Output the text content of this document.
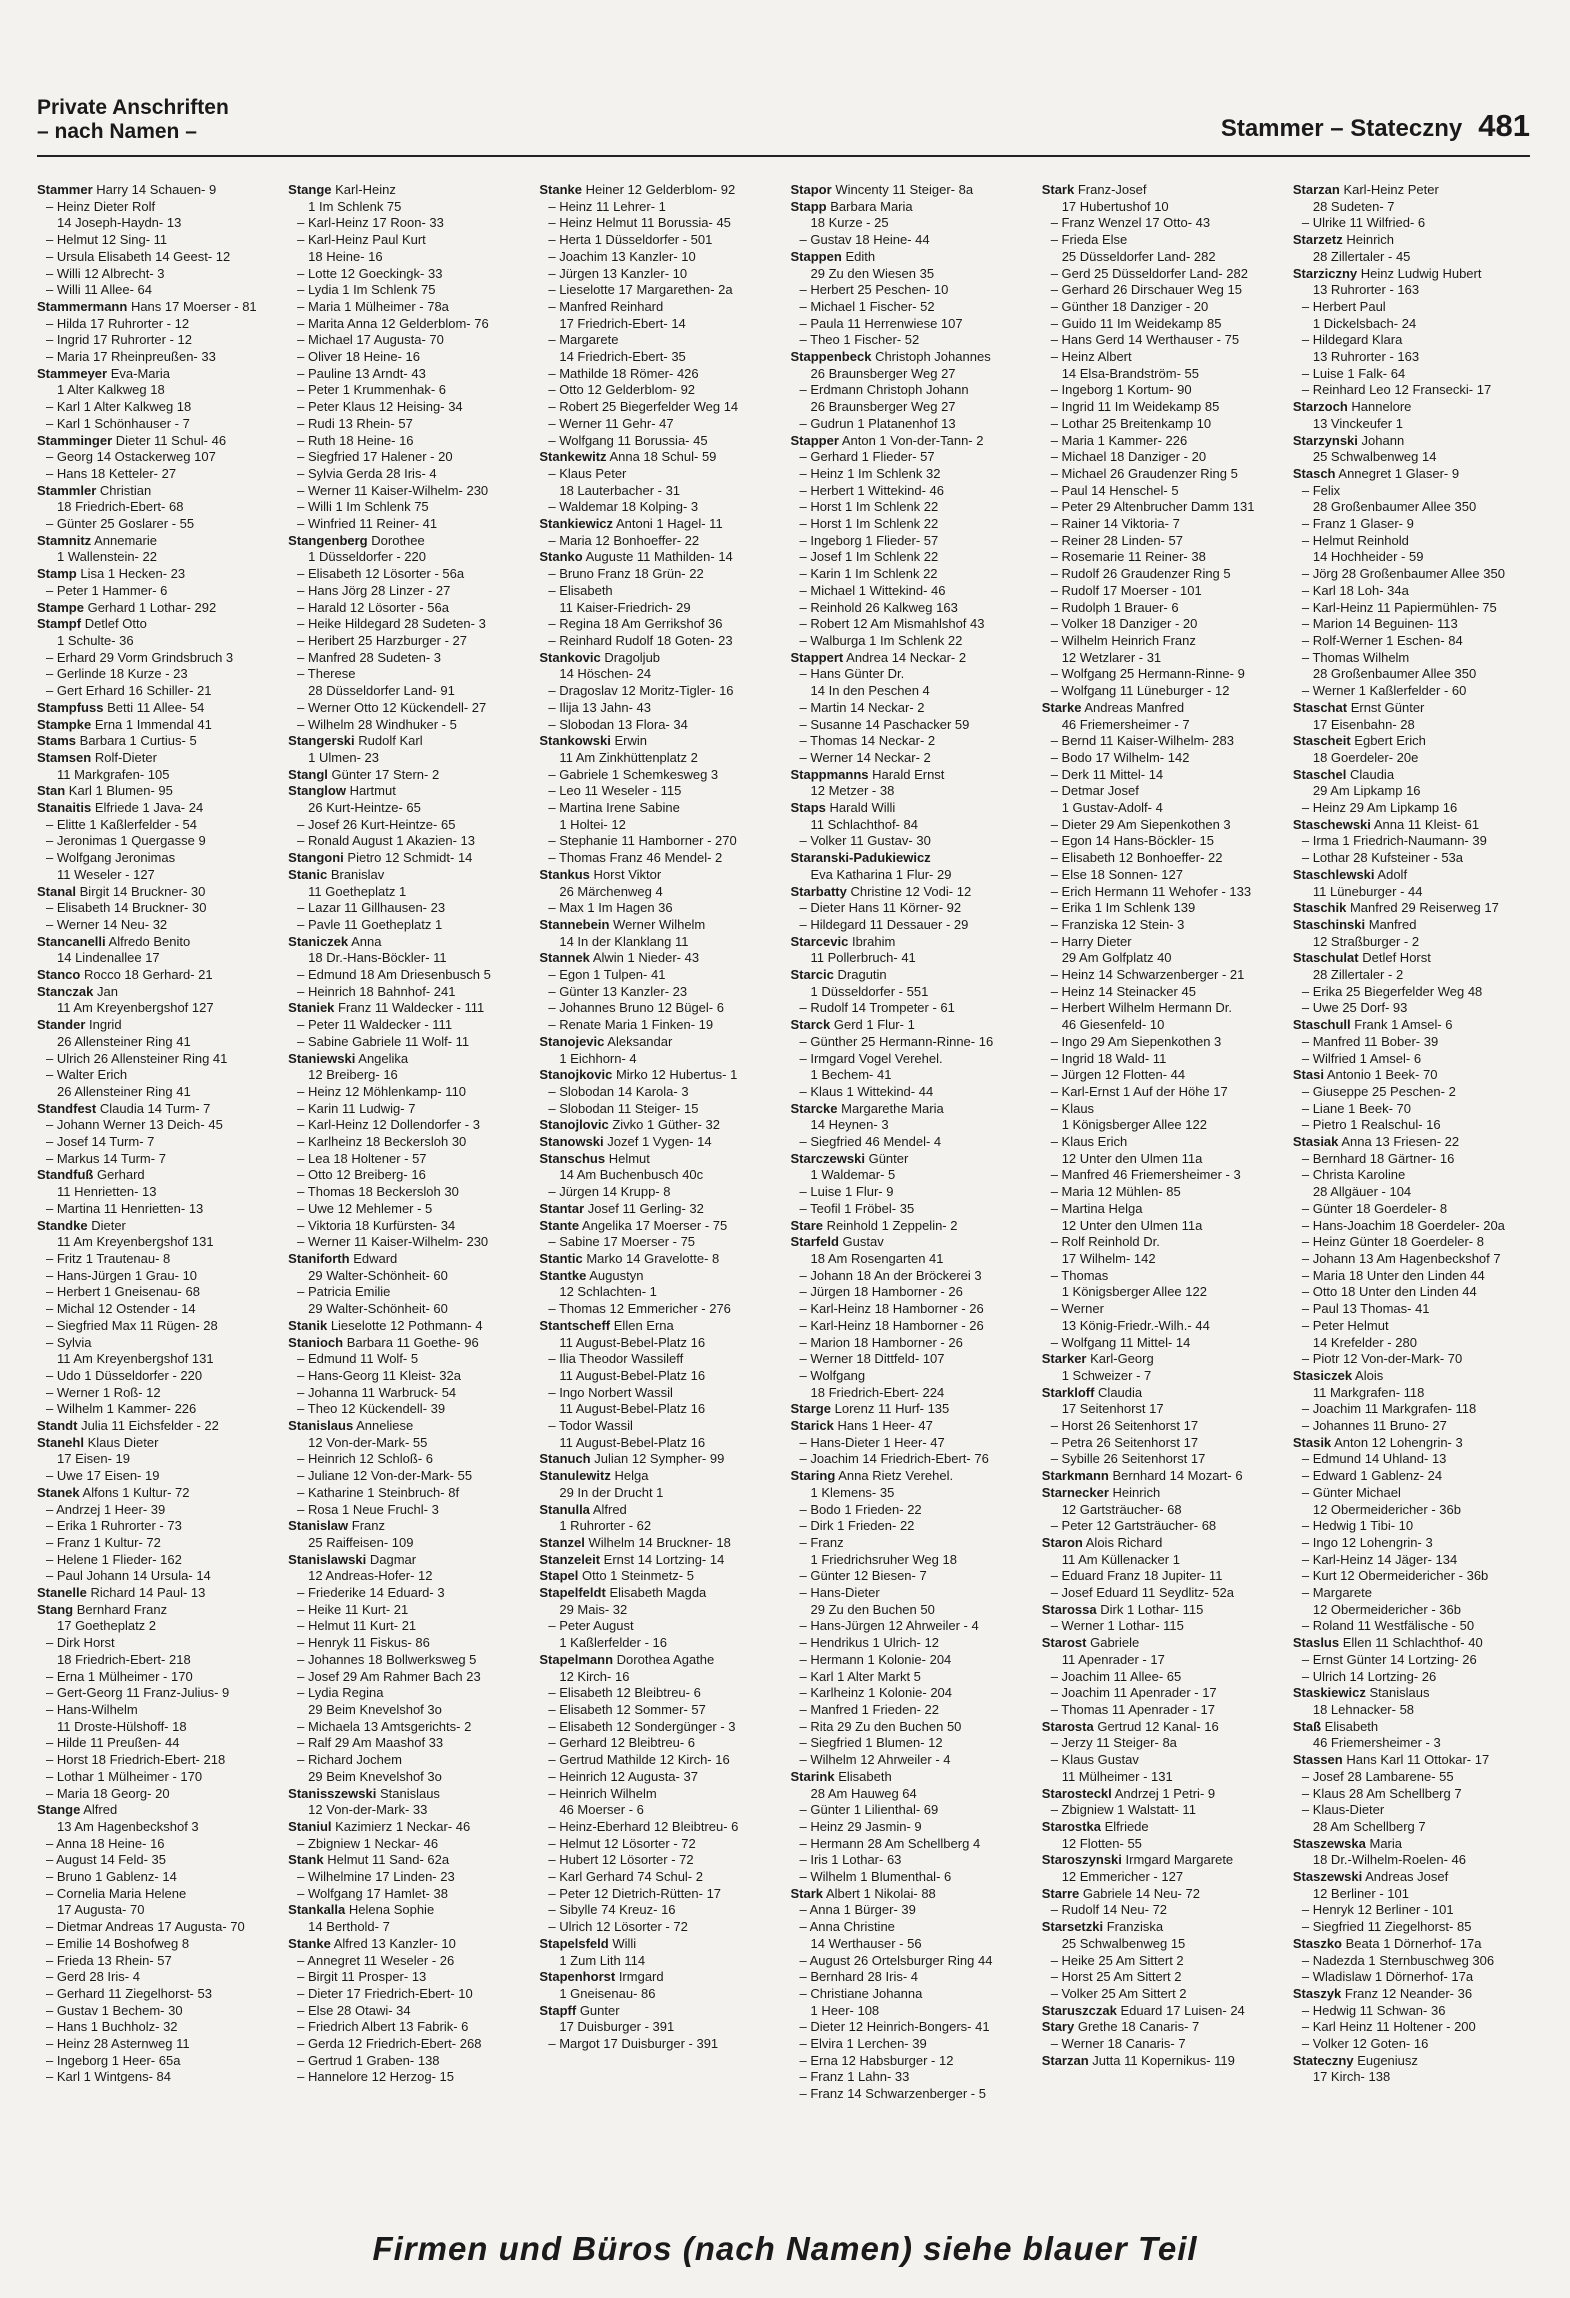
Private Anschriften
– nach Namen –	Stammer – Stateczny 481
Stammer Harry 14 Schauen- 9
– Heinz Dieter Rolf
14 Joseph-Haydn- 13
– Helmut 12 Sing- 11
– Ursula Elisabeth 14 Geest- 12
– Willi 12 Albrecht- 3
– Willi 11 Allee- 64
Stammermann Hans 17 Moerser - 81
– Hilda 17 Ruhrorter - 12
– Ingrid 17 Ruhrorter - 12
– Maria 17 Rheinpreußen- 33
Stammeyer Eva-Maria
1 Alter Kalkweg 18
– Karl 1 Alter Kalkweg 18
– Karl 1 Schönhauser - 7
Stamminger Dieter 11 Schul- 46
– Georg 14 Ostackerweg 107
– Hans 18 Ketteler- 27
Stammler Christian
18 Friedrich-Ebert- 68
– Günter 25 Goslarer - 55
Stamnitz Annemarie
1 Wallenstein- 22
Stamp Lisa 1 Hecken- 23
– Peter 1 Hammer- 6
Stampe Gerhard 1 Lothar- 292
Stampf Detlef Otto
1 Schulte- 36
– Erhard 29 Vorm Grindsbruch 3
– Gerlinde 18 Kurze - 23
– Gert Erhard 16 Schiller- 21
Stampfuss Betti 11 Allee- 54
Stampke Erna 1 Immendal 41
Stams Barbara 1 Curtius- 5
Stamsen Rolf-Dieter
11 Markgrafen- 105
Stan Karl 1 Blumen- 95
Stanaitis Elfriede 1 Java- 24
– Elitte 1 Kaßlerfelder - 54
– Jeronimas 1 Quergasse 9
– Wolfgang Jeronimas
11 Weseler - 127
Stanal Birgit 14 Bruckner- 30
– Elisabeth 14 Bruckner- 30
– Werner 14 Neu- 32
Stancanelli Alfredo Benito
14 Lindenallee 17
Stanco Rocco 18 Gerhard- 21
Stanczak Jan
11 Am Kreyenbergshof 127
Stander Ingrid
26 Allensteiner Ring 41
– Ulrich 26 Allensteiner Ring 41
– Walter Erich
26 Allensteiner Ring 41
Standfest Claudia 14 Turm- 7
– Johann Werner 13 Deich- 45
– Josef 14 Turm- 7
– Markus 14 Turm- 7
Standfuß Gerhard
11 Henrietten- 13
– Martina 11 Henrietten- 13
Standke Dieter
11 Am Kreyenbergshof 131
– Fritz 1 Trautenau- 8
– Hans-Jürgen 1 Grau- 10
– Herbert 1 Gneisenau- 68
– Michal 12 Ostender - 14
– Siegfried Max 11 Rügen- 28
– Sylvia
11 Am Kreyenbergshof 131
– Udo 1 Düsseldorfer - 220
– Werner 1 Roß- 12
– Wilhelm 1 Kammer- 226
Standt Julia 11 Eichsfelder - 22
Stanehl Klaus Dieter
17 Eisen- 19
– Uwe 17 Eisen- 19
Stanek Alfons 1 Kultur- 72
– Andrzej 1 Heer- 39
– Erika 1 Ruhrorter - 73
– Franz 1 Kultur- 72
– Helene 1 Flieder- 162
– Paul Johann 14 Ursula- 14
Stanelle Richard 14 Paul- 13
Stang Bernhard Franz
17 Goetheplatz 2
– Dirk Horst
18 Friedrich-Ebert- 218
– Erna 1 Mülheimer - 170
– Gert-Georg 11 Franz-Julius- 9
– Hans-Wilhelm
11 Droste-Hülshoff- 18
– Hilde 11 Preußen- 44
– Horst 18 Friedrich-Ebert- 218
– Lothar 1 Mülheimer - 170
– Maria 18 Georg- 20
Stange Alfred
13 Am Hagenbeckshof 3
– Anna 18 Heine- 16
– August 14 Feld- 35
– Bruno 1 Gablenz- 14
– Cornelia Maria Helene
17 Augusta- 70
– Dietmar Andreas 17 Augusta- 70
– Emilie 14 Boshofweg 8
– Frieda 13 Rhein- 57
– Gerd 28 Iris- 4
– Gerhard 11 Ziegelhorst- 53
– Gustav 1 Bechem- 30
– Hans 1 Buchholz- 32
– Heinz 28 Asternweg 11
– Ingeborg 1 Heer- 65a
– Karl 1 Wintgens- 84
Stange Karl-Heinz
1 Im Schlenk 75
– Karl-Heinz 17 Roon- 33
– Karl-Heinz Paul Kurt
18 Heine- 16
– Lotte 12 Goeckingk- 33
– Lydia 1 Im Schlenk 75
– Maria 1 Mülheimer - 78a
– Marita Anna 12 Gelderblom- 76
– Michael 17 Augusta- 70
– Oliver 18 Heine- 16
– Pauline 13 Arndt- 43
– Peter 1 Krummenhak- 6
– Peter Klaus 12 Heising- 34
– Rudi 13 Rhein- 57
– Ruth 18 Heine- 16
– Siegfried 17 Halener - 20
– Sylvia Gerda 28 Iris- 4
– Werner 11 Kaiser-Wilhelm- 230
– Willi 1 Im Schlenk 75
– Winfried 11 Reiner- 41
Stangenberg Dorothee
1 Düsseldorfer - 220
– Elisabeth 12 Lösorter - 56a
– Hans Jörg 28 Linzer - 27
– Harald 12 Lösorter - 56a
– Heike Hildegard 28 Sudeten- 3
– Heribert 25 Harzburger - 27
– Manfred 28 Sudeten- 3
– Therese
28 Düsseldorfer Land- 91
– Werner Otto 12 Kückendell- 27
– Wilhelm 28 Windhuker - 5
Stangerski Rudolf Karl
1 Ulmen- 23
Stangl Günter 17 Stern- 2
Stanglow Hartmut
26 Kurt-Heintze- 65
– Josef 26 Kurt-Heintze- 65
– Ronald August 1 Akazien- 13
Stangoni Pietro 12 Schmidt- 14
Stanic Branislav
11 Goetheplatz 1
– Lazar 11 Gillhausen- 23
– Pavle 11 Goetheplatz 1
Staniczek Anna
18 Dr.-Hans-Böckler- 11
– Edmund 18 Am Driesenbusch 5
– Heinrich 18 Bahnhof- 241
Staniek Franz 11 Waldecker - 111
– Peter 11 Waldecker - 111
– Sabine Gabriele 11 Wolf- 11
Staniewski Angelika
12 Breiberg- 16
– Heinz 12 Möhlenkamp- 110
– Karin 11 Ludwig- 7
– Karl-Heinz 12 Dollendorfer - 3
– Karlheinz 18 Beckersloh 30
– Lea 18 Holtener - 57
– Otto 12 Breiberg- 16
– Thomas 18 Beckersloh 30
– Uwe 12 Mehlemer - 5
– Viktoria 18 Kurfürsten- 34
– Werner 11 Kaiser-Wilhelm- 230
Staniforth Edward
29 Walter-Schönheit- 60
– Patricia Emilie
29 Walter-Schönheit- 60
Stanik Lieselotte 12 Pothmann- 4
Stanioch Barbara 11 Goethe- 96
– Edmund 11 Wolf- 5
– Hans-Georg 11 Kleist- 32a
– Johanna 11 Warbruck- 54
– Theo 12 Kückendell- 39
Stanislaus Anneliese
12 Von-der-Mark- 55
– Heinrich 12 Schloß- 6
– Juliane 12 Von-der-Mark- 55
– Katharine 1 Steinbruch- 8f
– Rosa 1 Neue Fruchl- 3
Stanislaw Franz
25 Raiffeisen- 109
Stanislawski Dagmar
12 Andreas-Hofer- 12
– Friederike 14 Eduard- 3
– Heike 11 Kurt- 21
– Helmut 11 Kurt- 21
– Henryk 11 Fiskus- 86
– Johannes 18 Bollwerksweg 5
– Josef 29 Am Rahmer Bach 23
– Lydia Regina
29 Beim Knevelshof 3o
– Michaela 13 Amtsgerichts- 2
– Ralf 29 Am Maashof 33
– Richard Jochem
29 Beim Knevelshof 3o
Stanisszewski Stanislaus
12 Von-der-Mark- 33
Staniul Kazimierz 1 Neckar- 46
– Zbigniew 1 Neckar- 46
Stank Helmut 11 Sand- 62a
– Wilhelmine 17 Linden- 23
– Wolfgang 17 Hamlet- 38
Stankalla Helena Sophie
14 Berthold- 7
Stanke Alfred 13 Kanzler- 10
– Annegret 11 Weseler - 26
– Birgit 11 Prosper- 13
– Dieter 17 Friedrich-Ebert- 10
– Else 28 Otawi- 34
– Friedrich Albert 13 Fabrik- 6
– Gerda 12 Friedrich-Ebert- 268
– Gertrud 1 Graben- 138
– Hannelore 12 Herzog- 15
Stanke Heiner 12 Gelderblom- 92
– Heinz 11 Lehrer- 1
– Heinz Helmut 11 Borussia- 45
– Herta 1 Düsseldorfer - 501
– Joachim 13 Kanzler- 10
– Jürgen 13 Kanzler- 10
– Lieselotte 17 Margarethen- 2a
– Manfred Reinhard
17 Friedrich-Ebert- 14
– Margarete
14 Friedrich-Ebert- 35
– Mathilde 18 Römer- 426
– Otto 12 Gelderblom- 92
– Robert 25 Biegerfelder Weg 14
– Werner 11 Gehr- 47
– Wolfgang 11 Borussia- 45
Stankewitz Anna 18 Schul- 59
– Klaus Peter
18 Lauterbacher - 31
– Waldemar 18 Kolping- 3
Stankiewicz Antoni 1 Hagel- 11
– Maria 12 Bonhoeffer- 22
Stanko Auguste 11 Mathilden- 14
– Bruno Franz 18 Grün- 22
– Elisabeth
11 Kaiser-Friedrich- 29
– Regina 18 Am Gerrikshof 36
– Reinhard Rudolf 18 Goten- 23
Stankovic Dragoljub
14 Höschen- 24
– Dragoslav 12 Moritz-Tigler- 16
– Ilija 13 Jahn- 43
– Slobodan 13 Flora- 34
Stankowski Erwin
11 Am Zinkhüttenplatz 2
– Gabriele 1 Schemkesweg 3
– Leo 11 Weseler - 115
– Martina Irene Sabine
1 Holtei- 12
– Stephanie 11 Hamborner - 270
– Thomas Franz 46 Mendel- 2
Stankus Horst Viktor
26 Märchenweg 4
– Max 1 Im Hagen 36
Stannebein Werner Wilhelm
14 In der Klanklang 11
Stannek Alwin 1 Nieder- 43
– Egon 1 Tulpen- 41
– Günter 13 Kanzler- 23
– Johannes Bruno 12 Bügel- 6
– Renate Maria 1 Finken- 19
Stanojevic Aleksandar
1 Eichhorn- 4
Stanojkovic Mirko 12 Hubertus- 1
– Slobodan 14 Karola- 3
– Slobodan 11 Steiger- 15
Stanojlovic Zivko 1 Güther- 32
Stanowski Jozef 1 Vygen- 14
Stanschus Helmut
14 Am Buchenbusch 40c
– Jürgen 14 Krupp- 8
Stantar Josef 11 Gerling- 32
Stante Angelika 17 Moerser - 75
– Sabine 17 Moerser - 75
Stantic Marko 14 Gravelotte- 8
Stantke Augustyn
12 Schlachten- 1
– Thomas 12 Emmericher - 276
Stantscheff Ellen Erna
11 August-Bebel-Platz 16
– Ilia Theodor Wassileff
11 August-Bebel-Platz 16
– Ingo Norbert Wassil
11 August-Bebel-Platz 16
– Todor Wassil
11 August-Bebel-Platz 16
Stanuch Julian 12 Sympher- 99
Stanulewitz Helga
29 In der Drucht 1
Stanulla Alfred
1 Ruhrorter - 62
Stanzel Wilhelm 14 Bruckner- 18
Stanzeleit Ernst 14 Lortzing- 14
Stapel Otto 1 Steinmetz- 5
Stapelfeldt Elisabeth Magda
29 Mais- 32
– Peter August
1 Kaßlerfelder - 16
Stapelmann Dorothea Agathe
12 Kirch- 16
– Elisabeth 12 Bleibtreu- 6
– Elisabeth 12 Sommer- 57
– Elisabeth 12 Sondergünger - 3
– Gerhard 12 Bleibtreu- 6
– Gertrud Mathilde 12 Kirch- 16
– Heinrich 12 Augusta- 37
– Heinrich Wilhelm
46 Moerser - 6
– Heinz-Eberhard 12 Bleibtreu- 6
– Helmut 12 Lösorter - 72
– Hubert 12 Lösorter - 72
– Karl Gerhard 74 Schul- 2
– Peter 12 Dietrich-Rütten- 17
– Sibylle 74 Kreuz- 16
– Ulrich 12 Lösorter - 72
Stapelsfeld Willi
1 Zum Lith 114
Stapenhorst Irmgard
1 Gneisenau- 86
Stapff Gunter
17 Duisburger - 391
– Margot 17 Duisburger - 391
Stapor Wincenty 11 Steiger- 8a
Stapp Barbara Maria
18 Kurze - 25
– Gustav 18 Heine- 44
Stappen Edith
29 Zu den Wiesen 35
– Herbert 25 Peschen- 10
– Michael 1 Fischer- 52
– Paula 11 Herrenwiese 107
– Theo 1 Fischer- 52
Stappenbeck Christoph Johannes
26 Braunsberger Weg 27
– Erdmann Christoph Johann
26 Braunsberger Weg 27
– Gudrun 1 Platanenhof 13
Stapper Anton 1 Von-der-Tann- 2
– Gerhard 1 Flieder- 57
– Heinz 1 Im Schlenk 32
– Herbert 1 Wittekind- 46
– Horst 1 Im Schlenk 22
– Horst 1 Im Schlenk 22
– Ingeborg 1 Flieder- 57
– Josef 1 Im Schlenk 22
– Karin 1 Im Schlenk 22
– Michael 1 Wittekind- 46
– Reinhold 26 Kalkweg 163
– Robert 12 Am Mismahlshof 43
– Walburga 1 Im Schlenk 22
Stappert Andrea 14 Neckar- 2
– Hans Günter Dr.
14 In den Peschen 4
– Martin 14 Neckar- 2
– Susanne 14 Paschacker 59
– Thomas 14 Neckar- 2
– Werner 14 Neckar- 2
Stappmanns Harald Ernst
12 Metzer - 38
Staps Harald Willi
11 Schlachthof- 84
– Volker 11 Gustav- 30
Staranski-Padukiewicz
Eva Katharina 1 Flur- 29
Starbatty Christine 12 Vodi- 12
– Dieter Hans 11 Körner- 92
– Hildegard 11 Dessauer - 29
Starcevic Ibrahim
11 Pollerbruch- 41
Starcic Dragutin
1 Düsseldorfer - 551
– Rudolf 14 Trompeter - 61
Starck Gerd 1 Flur- 1
– Günther 25 Hermann-Rinne- 16
– Irmgard Vogel Verehel.
1 Bechem- 41
– Klaus 1 Wittekind- 44
Starcke Margarethe Maria
14 Heynen- 3
– Siegfried 46 Mendel- 4
Starczewski Günter
1 Waldemar- 5
– Luise 1 Flur- 9
– Teofil 1 Fröbel- 35
Stare Reinhold 1 Zeppelin- 2
Starfeld Gustav
18 Am Rosengarten 41
– Johann 18 An der Bröckerei 3
– Jürgen 18 Hamborner - 26
– Karl-Heinz 18 Hamborner - 26
– Karl-Heinz 18 Hamborner - 26
– Marion 18 Hamborner - 26
– Werner 18 Dittfeld- 107
– Wolfgang
18 Friedrich-Ebert- 224
Starge Lorenz 11 Hurf- 135
Starick Hans 1 Heer- 47
– Hans-Dieter 1 Heer- 47
– Joachim 14 Friedrich-Ebert- 76
Staring Anna Rietz Verehel.
1 Klemens- 35
– Bodo 1 Frieden- 22
– Dirk 1 Frieden- 22
– Franz
1 Friedrichsruher Weg 18
– Günter 12 Biesen- 7
– Hans-Dieter
29 Zu den Buchen 50
– Hans-Jürgen 12 Ahrweiler - 4
– Hendrikus 1 Ulrich- 12
– Hermann 1 Kolonie- 204
– Karl 1 Alter Markt 5
– Karlheinz 1 Kolonie- 204
– Manfred 1 Frieden- 22
– Rita 29 Zu den Buchen 50
– Siegfried 1 Blumen- 12
– Wilhelm 12 Ahrweiler - 4
Starink Elisabeth
28 Am Hauweg 64
– Günter 1 Lilienthal- 69
– Heinz 29 Jasmin- 9
– Hermann 28 Am Schellberg 4
– Iris 1 Lothar- 63
– Wilhelm 1 Blumenthal- 6
Stark Albert 1 Nikolai- 88
– Anna 1 Bürger- 39
– Anna Christine
14 Werthauser - 56
– August 26 Ortelsburger Ring 44
– Bernhard 28 Iris- 4
– Christiane Johanna
1 Heer- 108
– Dieter 12 Heinrich-Bongers- 41
– Elvira 1 Lerchen- 39
– Erna 12 Habsburger - 12
– Franz 1 Lahn- 33
– Franz 14 Schwarzenberger - 5
Stark Franz-Josef
17 Hubertushof 10
– Franz Wenzel 17 Otto- 43
– Frieda Else
25 Düsseldorfer Land- 282
– Gerd 25 Düsseldorfer Land- 282
– Gerhard 26 Dirschauer Weg 15
– Günther 18 Danziger - 20
– Guido 11 Im Weidekamp 85
– Hans Gerd 14 Werthauser - 75
– Heinz Albert
14 Elsa-Brandström- 55
– Ingeborg 1 Kortum- 90
– Ingrid 11 Im Weidekamp 85
– Lothar 25 Breitenkamp 10
– Maria 1 Kammer- 226
– Michael 18 Danziger - 20
– Michael 26 Graudenzer Ring 5
– Paul 14 Henschel- 5
– Peter 29 Altenbrucher Damm 131
– Rainer 14 Viktoria- 7
– Reiner 28 Linden- 57
– Rosemarie 11 Reiner- 38
– Rudolf 26 Graudenzer Ring 5
– Rudolf 17 Moerser - 101
– Rudolph 1 Brauer- 6
– Volker 18 Danziger - 20
– Wilhelm Heinrich Franz
12 Wetzlarer - 31
– Wolfgang 25 Hermann-Rinne- 9
– Wolfgang 11 Lüneburger - 12
Starke Andreas Manfred
46 Friemersheimer - 7
– Bernd 11 Kaiser-Wilhelm- 283
– Bodo 17 Wilhelm- 142
– Derk 11 Mittel- 14
– Detmar Josef
1 Gustav-Adolf- 4
– Dieter 29 Am Siepenkothen 3
– Egon 14 Hans-Böckler- 15
– Elisabeth 12 Bonhoeffer- 22
– Else 18 Sonnen- 127
– Erich Hermann 11 Wehofer - 133
– Erika 1 Im Schlenk 139
– Franziska 12 Stein- 3
– Harry Dieter
29 Am Golfplatz 40
– Heinz 14 Schwarzenberger - 21
– Heinz 14 Steinacker 45
– Herbert Wilhelm Hermann Dr.
46 Giesenfeld- 10
– Ingo 29 Am Siepenkothen 3
– Ingrid 18 Wald- 11
– Jürgen 12 Flotten- 44
– Karl-Ernst 1 Auf der Höhe 17
– Klaus
1 Königsberger Allee 122
– Klaus Erich
12 Unter den Ulmen 11a
– Manfred 46 Friemersheimer - 3
– Maria 12 Mühlen- 85
– Martina Helga
12 Unter den Ulmen 11a
– Rolf Reinhold Dr.
17 Wilhelm- 142
– Thomas
1 Königsberger Allee 122
– Werner
13 König-Friedr.-Wilh.- 44
– Wolfgang 11 Mittel- 14
Starker Karl-Georg
1 Schweizer - 7
Starkloff Claudia
17 Seitenhorst 17
– Horst 26 Seitenhorst 17
– Petra 26 Seitenhorst 17
– Sybille 26 Seitenhorst 17
Starkmann Bernhard 14 Mozart- 6
Starnecker Heinrich
12 Gartsträucher- 68
– Peter 12 Gartsträucher- 68
Staron Alois Richard
11 Am Küllenacker 1
– Eduard Franz 18 Jupiter- 11
– Josef Eduard 11 Seydlitz- 52a
Starossa Dirk 1 Lothar- 115
– Werner 1 Lothar- 115
Starost Gabriele
11 Apenrader - 17
– Joachim 11 Allee- 65
– Joachim 11 Apenrader - 17
– Thomas 11 Apenrader - 17
Starosta Gertrud 12 Kanal- 16
– Jerzy 11 Steiger- 8a
– Klaus Gustav
11 Mülheimer - 131
Starosteckl Andrzej 1 Petri- 9
– Zbigniew 1 Walstatt- 11
Starostka Elfriede
12 Flotten- 55
Staroszynski Irmgard Margarete
12 Emmericher - 127
Starre Gabriele 14 Neu- 72
– Rudolf 14 Neu- 72
Starsetzki Franziska
25 Schwalbenweg 15
– Heike 25 Am Sittert 2
– Horst 25 Am Sittert 2
– Volker 25 Am Sittert 2
Staruszczak Eduard 17 Luisen- 24
Stary Grethe 18 Canaris- 7
– Werner 18 Canaris- 7
Starzan Jutta 11 Kopernikus- 119
Starzan Karl-Heinz Peter
28 Sudeten- 7
– Ulrike 11 Wilfried- 6
Starzetz Heinrich
28 Zillertaler - 45
Starziczny Heinz Ludwig Hubert
13 Ruhrorter - 163
– Herbert Paul
1 Dickelsbach- 24
– Hildegard Klara
13 Ruhrorter - 163
– Luise 1 Falk- 64
– Reinhard Leo 12 Fransecki- 17
Starzoch Hannelore
13 Vinckeufer 1
Starzynski Johann
25 Schwalbenweg 14
Stasch Annegret 1 Glaser- 9
– Felix
28 Großenbaumer Allee 350
– Franz 1 Glaser- 9
– Helmut Reinhold
14 Hochheider - 59
– Jörg 28 Großenbaumer Allee 350
– Karl 18 Loh- 34a
– Karl-Heinz 11 Papiermühlen- 75
– Marion 14 Beguinen- 113
– Rolf-Werner 1 Eschen- 84
– Thomas Wilhelm
28 Großenbaumer Allee 350
– Werner 1 Kaßlerfelder - 60
Staschat Ernst Günter
17 Eisenbahn- 28
Stascheit Egbert Erich
18 Goerdeler- 20e
Staschel Claudia
29 Am Lipkamp 16
– Heinz 29 Am Lipkamp 16
Staschewski Anna 11 Kleist- 61
– Irma 1 Friedrich-Naumann- 39
– Lothar 28 Kufsteiner - 53a
Staschlewski Adolf
11 Lüneburger - 44
Staschik Manfred 29 Reiserweg 17
Staschinski Manfred
12 Straßburger - 2
Staschulat Detlef Horst
28 Zillertaler - 2
– Erika 25 Biegerfelder Weg 48
– Uwe 25 Dorf- 93
Staschull Frank 1 Amsel- 6
– Manfred 11 Bober- 39
– Wilfried 1 Amsel- 6
Stasi Antonio 1 Beek- 70
– Giuseppe 25 Peschen- 2
– Liane 1 Beek- 70
– Pietro 1 Realschul- 16
Stasiak Anna 13 Friesen- 22
– Bernhard 18 Gärtner- 16
– Christa Karoline
28 Allgäuer - 104
– Günter 18 Goerdeler- 8
– Hans-Joachim 18 Goerdeler- 20a
– Heinz Günter 18 Goerdeler- 8
– Johann 13 Am Hagenbeckshof 7
– Maria 18 Unter den Linden 44
– Otto 18 Unter den Linden 44
– Paul 13 Thomas- 41
– Peter Helmut
14 Krefelder - 280
– Piotr 12 Von-der-Mark- 70
Stasiczek Alois
11 Markgrafen- 118
– Joachim 11 Markgrafen- 118
– Johannes 11 Bruno- 27
Stasik Anton 12 Lohengrin- 3
– Edmund 14 Uhland- 13
– Edward 1 Gablenz- 24
– Günter Michael
12 Obermeidericher - 36b
– Hedwig 1 Tibi- 10
– Ingo 12 Lohengrin- 3
– Karl-Heinz 14 Jäger- 134
– Kurt 12 Obermeidericher - 36b
– Margarete
12 Obermeidericher - 36b
– Roland 11 Westfälische - 50
Staslus Ellen 11 Schlachthof- 40
– Ernst Günter 14 Lortzing- 26
– Ulrich 14 Lortzing- 26
Staskiewicz Stanislaus
18 Lehnacker- 58
Staß Elisabeth
46 Friemersheimer - 3
Stassen Hans Karl 11 Ottokar- 17
– Josef 28 Lambarene- 55
– Klaus 28 Am Schellberg 7
– Klaus-Dieter
28 Am Schellberg 7
Staszewska Maria
18 Dr.-Wilhelm-Roelen- 46
Staszewski Andreas Josef
12 Berliner - 101
– Henryk 12 Berliner - 101
– Siegfried 11 Ziegelhorst- 85
Staszko Beata 1 Dörnerhof- 17a
– Nadezda 1 Sternbuschweg 306
– Wladislaw 1 Dörnerhof- 17a
Staszyk Franz 12 Neander- 36
– Hedwig 11 Schwan- 36
– Karl Heinz 11 Holtener - 200
– Volker 12 Goten- 16
Stateczny Eugeniusz
17 Kirch- 138
Firmen und Büros (nach Namen) siehe blauer Teil
